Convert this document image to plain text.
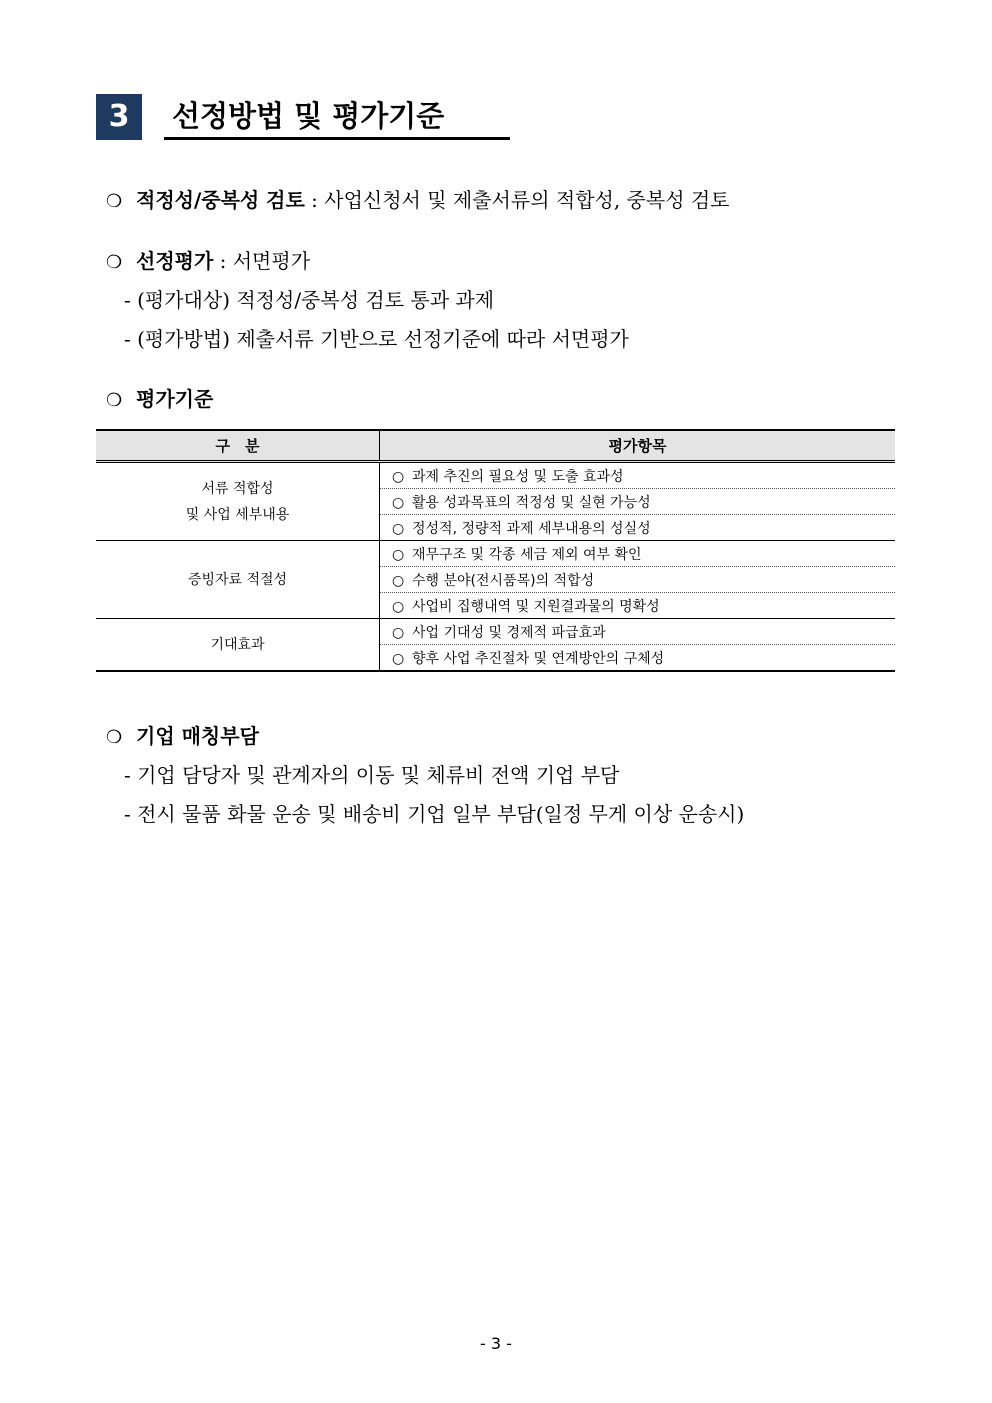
3	선정방법 및 평가기준
❍ 적정성/중복성 검토 : 사업신청서 및 제출서류의 적합성, 중복성 검토
❍ 선정평가 : 서면평가
- (평가대상) 적정성/중복성 검토 통과 과제
- (평가방법) 제출서류 기반으로 선정기준에 따라 서면평가
❍ 평가기준
구　분	평가항목

서류 적합성
및 사업 세부내용	○ 과제 추진의 필요성 및 도출 효과성
	○ 활용 성과목표의 적정성 및 실현 가능성
	○ 정성적, 정량적 과제 세부내용의 성실성

증빙자료 적절성	○ 재무구조 및 각종 세금 제외 여부 확인
	○ 수행 분야(전시품목)의 적합성
	○ 사업비 집행내역 및 지원결과물의 명확성

기대효과	○ 사업 기대성 및 경제적 파급효과
	○ 향후 사업 추진절차 및 연계방안의 구체성
❍ 기업 매칭부담
- 기업 담당자 및 관계자의 이동 및 체류비 전액 기업 부담
- 전시 물품 화물 운송 및 배송비 기업 일부 부담(일정 무게 이상 운송시)
- 3 -
